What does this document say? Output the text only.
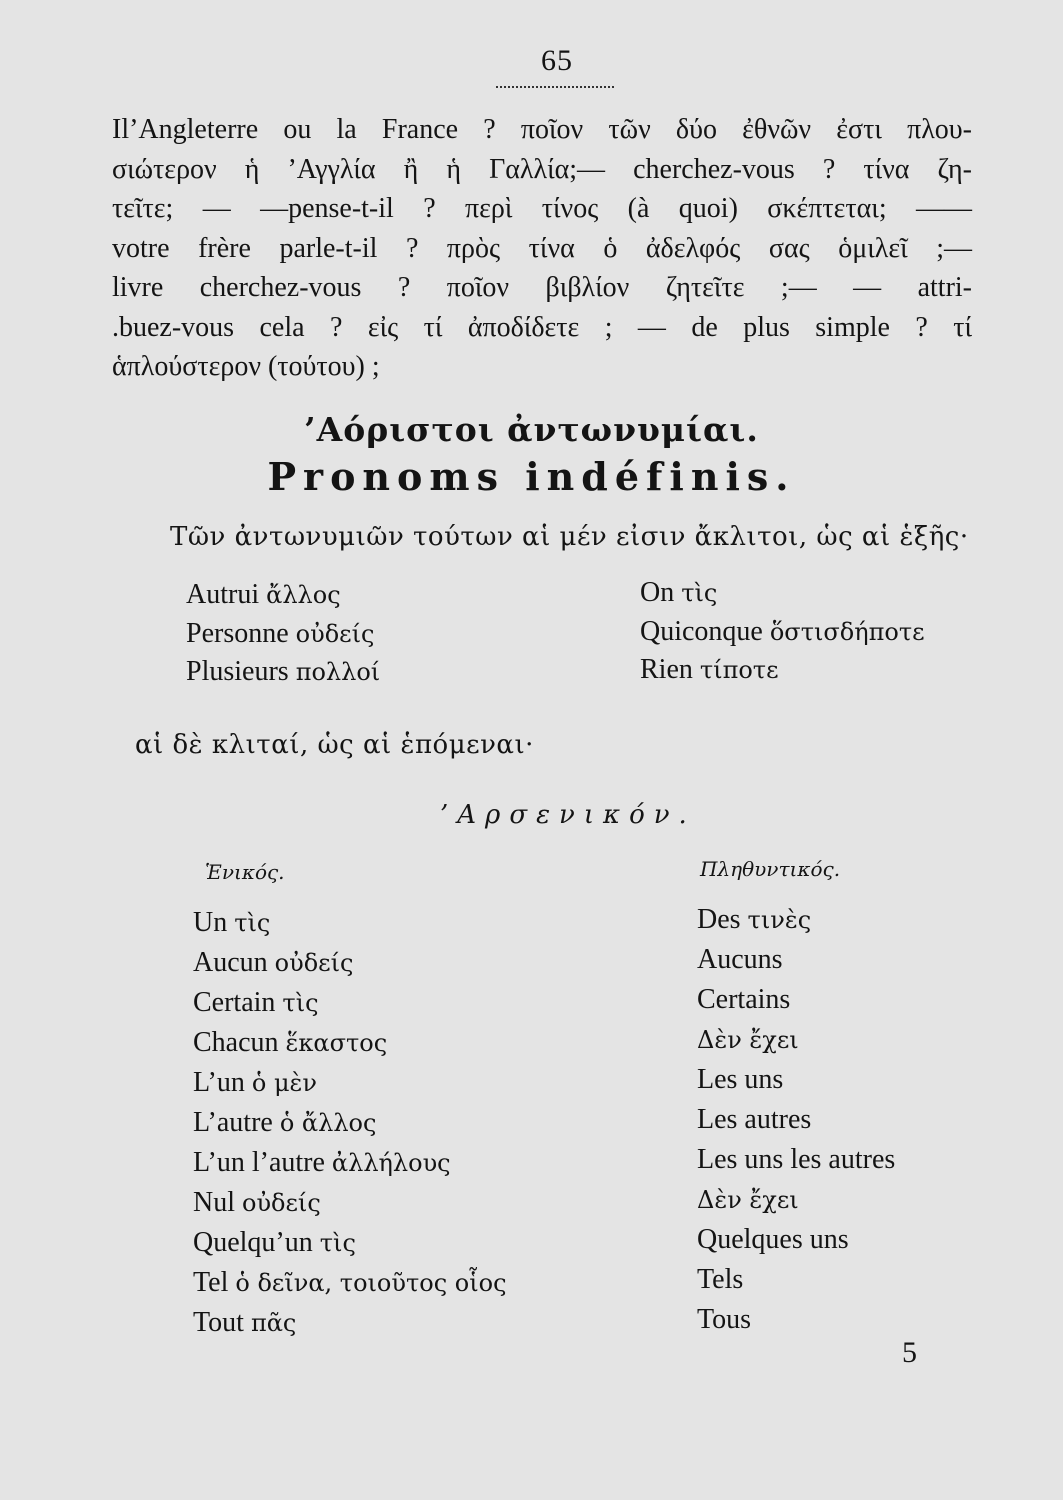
65
Il’Angleterre ou la France ? ποῖον τῶν δύο ἐθνῶν ἐστι πλου-
σιώτερον ἡ ’Αγγλία ἢ ἡ Γαλλία;— cherchez-vous ? τίνα ζη-
τεῖτε; — —pense-t-il ? περὶ τίνος (à quoi) σκέπτεται; ——
votre frère parle-t-il ? πρὸς τίνα ὁ ἀδελφός σας ὁμιλεῖ ;—
livre cherchez-vous ? ποῖον βιβλίον ζητεῖτε ;— — attri-
.buez-vous cela ? εἰς τί ἀποδίδετε ; — de plus simple ? τί
ἁπλούστερον (τούτου) ;
’Αόριστοι ἀντωνυμίαι.
Pronoms indéfinis.
Τῶν ἀντωνυμιῶν τούτων αἱ μέν εἰσιν ἄκλιτοι, ὡς αἱ ἑξῆς·
Autrui ἄλλος
Personne οὐδείς
Plusieurs πολλοί
On τὶς
Quiconque ὅστισδήποτε
Rien τίποτε
αἱ δὲ κλιταί, ὡς αἱ ἑπόμεναι·
’Αρσενικόν.
Ἑνικός.	Πληθυντικός.
Un τὶς
Aucun οὐδείς
Certain τὶς
Chacun ἕκαστος
L’un ὁ μὲν
L’autre ὁ ἄλλος
L’un l’autre ἀλλήλους
Nul οὐδείς
Quelqu’un τὶς
Tel ὁ δεῖνα, τοιοῦτος οἷος
Tout πᾶς
Des τινὲς
Aucuns
Certains
Δὲν ἔχει
Les uns
Les autres
Les uns les autres
Δὲν ἔχει
Quelques uns
Tels
Tous
5
